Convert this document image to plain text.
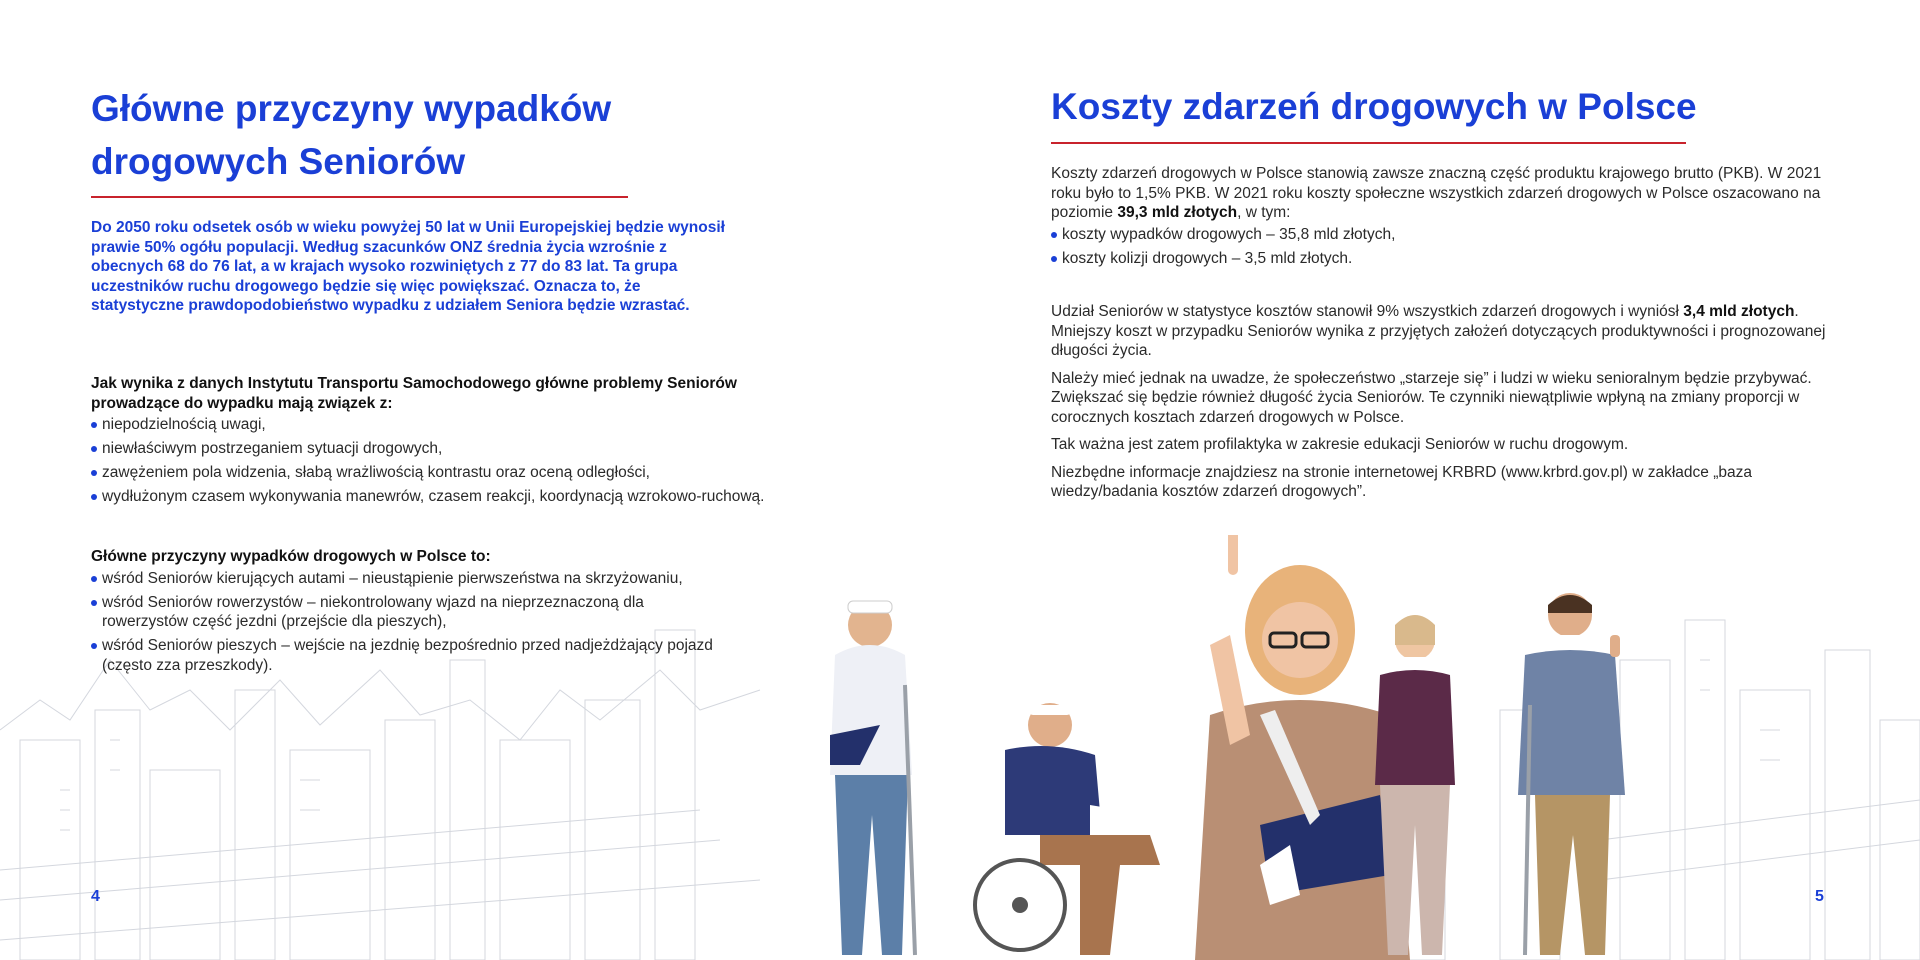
Główne przyczyny wypadków drogowych Seniorów
Do 2050 roku odsetek osób w wieku powyżej 50 lat w Unii Europejskiej będzie wynosił prawie 50% ogółu populacji. Według szacunków ONZ średnia życia wzrośnie z obecnych 68 do 76 lat, a w krajach wysoko rozwiniętych z 77 do 83 lat. Ta grupa uczestników ruchu drogowego będzie się więc powiększać. Oznacza to, że statystyczne prawdopodobieństwo wypadku z udziałem Seniora będzie wzrastać.

Jak wynika z danych Instytutu Transportu Samochodowego główne problemy Seniorów prowadzące do wypadku mają związek z:

niepodzielnością uwagi,
niewłaściwym postrzeganiem sytuacji drogowych,
zawężeniem pola widzenia, słabą wrażliwością kontrastu oraz oceną odległości,
wydłużonym czasem wykonywania manewrów, czasem reakcji, koordynacją wzrokowo-ruchową.

Główne przyczyny wypadków drogowych w Polsce to:

wśród Seniorów kierujących autami – nieustąpienie pierwszeństwa na skrzyżowaniu,
wśród Seniorów rowerzystów – niekontrolowany wjazd na nieprzeznaczoną dla rowerzystów część jezdni (przejście dla pieszych),
wśród Seniorów pieszych – wejście na jezdnię bezpośrednio przed nadjeżdżający pojazd (często zza przeszkody).
4
Koszty zdarzeń drogowych w Polsce

Koszty zdarzeń drogowych w Polsce stanowią zawsze znaczną część produktu krajowego brutto (PKB). W 2021 roku było to 1,5% PKB. W 2021 roku koszty społeczne wszystkich zdarzeń drogowych w Polsce oszacowano na poziomie 39,3 mld złotych, w tym:

koszty wypadków drogowych – 35,8 mld złotych,
koszty kolizji drogowych – 3,5 mld złotych.

Udział Seniorów w statystyce kosztów stanowił 9% wszystkich zdarzeń drogowych i wyniósł 3,4 mld złotych. Mniejszy koszt w przypadku Seniorów wynika z przyjętych założeń dotyczących produktywności i prognozowanej długości życia.

Należy mieć jednak na uwadze, że społeczeństwo „starzeje się” i ludzi w wieku senioralnym będzie przybywać. Zwiększać się będzie również długość życia Seniorów. Te czynniki niewątpliwie wpłyną na zmiany proporcji w corocznych kosztach zdarzeń drogowych w Polsce.

Tak ważna jest zatem profilaktyka w zakresie edukacji Seniorów w ruchu drogowym.

Niezbędne informacje znajdziesz na stronie internetowej KRBRD (www.krbrd.gov.pl) w zakładce „baza wiedzy/badania kosztów zdarzeń drogowych”.

5
